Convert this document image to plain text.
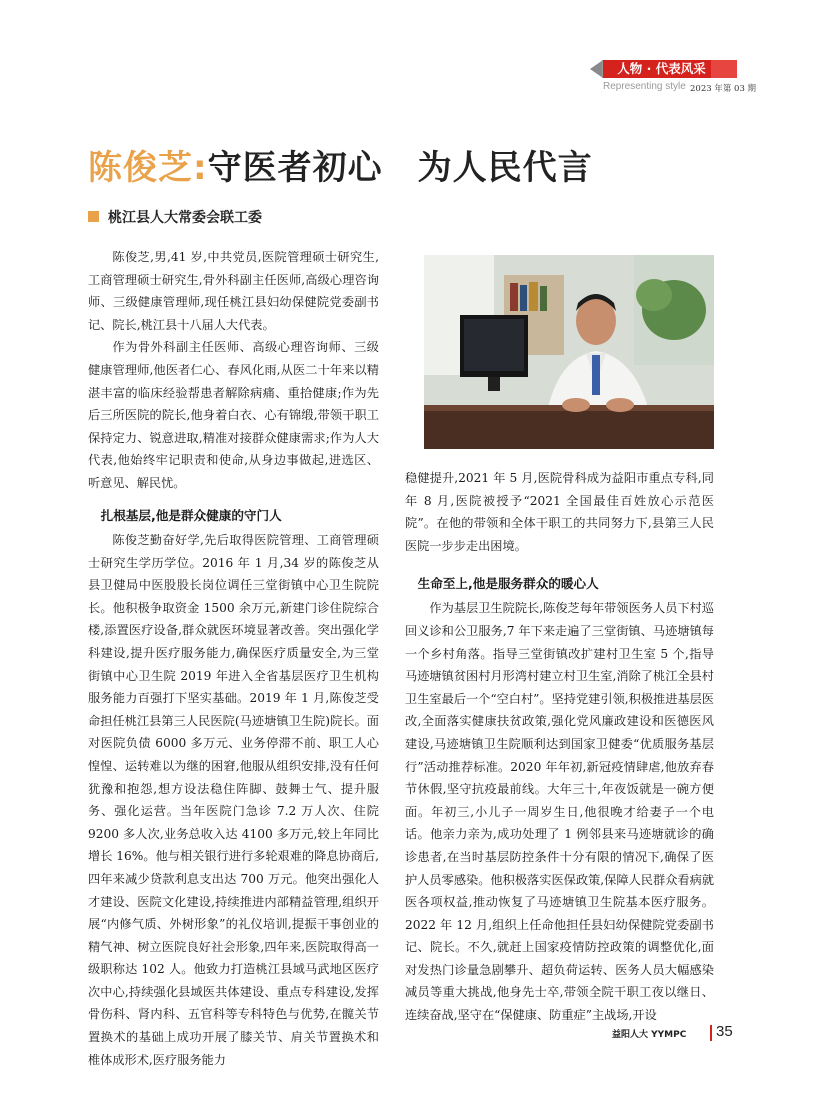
人物 · 代表风采
Representing style 2023 年第 03 期
陈俊芝:守医者初心　为人民代言
桃江县人大常委会联工委

陈俊芝,男,41 岁,中共党员,医院管理硕士研究生,工商管理硕士研究生,骨外科副主任医师,高级心理咨询师、三级健康管理师,现任桃江县妇幼保健院党委副书记、院长,桃江县十八届人大代表。

作为骨外科副主任医师、高级心理咨询师、三级健康管理师,他医者仁心、春风化雨,从医二十年来以精湛丰富的临床经验帮患者解除病痛、重拾健康;作为先后三所医院的院长,他身着白衣、心有锦缎,带领干职工保持定力、锐意进取,精准对接群众健康需求;作为人大代表,他始终牢记职责和使命,从身边事做起,进选区、听意见、解民忧。

扎根基层,他是群众健康的守门人

陈俊芝勤奋好学,先后取得医院管理、工商管理硕士研究生学历学位。2016 年 1 月,34 岁的陈俊芝从县卫健局中医股股长岗位调任三堂街镇中心卫生院院长。他积极争取资金 1500 余万元,新建门诊住院综合楼,添置医疗设备,群众就医环境显著改善。突出强化学科建设,提升医疗服务能力,确保医疗质量安全,为三堂街镇中心卫生院 2019 年进入全省基层医疗卫生机构服务能力百强打下坚实基础。2019 年 1 月,陈俊芝受命担任桃江县第三人民医院(马迹塘镇卫生院)院长。面对医院负债 6000 多万元、业务停滞不前、职工人心惶惶、运转难以为继的困窘,他服从组织安排,没有任何犹豫和抱怨,想方设法稳住阵脚、鼓舞士气、提升服务、强化运营。当年医院门急诊 7.2 万人次、住院 9200 多人次,业务总收入达 4100 多万元,较上年同比增长 16%。他与相关银行进行多轮艰难的降息协商后,四年来减少贷款利息支出达 700 万元。他突出强化人才建设、医院文化建设,持续推进内部精益管理,组织开展“内修气质、外树形象”的礼仪培训,提振干事创业的精气神、树立医院良好社会形象,四年来,医院取得高一级职称达 102 人。他致力打造桃江县域马武地区医疗次中心,持续强化县域医共体建设、重点专科建设,发挥骨伤科、肾内科、五官科等专科特色与优势,在髋关节置换术的基础上成功开展了膝关节、肩关节置换术和椎体成形术,医疗服务能力

稳健提升,2021 年 5 月,医院骨科成为益阳市重点专科,同年 8 月,医院被授予“2021 全国最佳百姓放心示范医院”。在他的带领和全体干职工的共同努力下,县第三人民医院一步步走出困境。

生命至上,他是服务群众的暖心人

作为基层卫生院院长,陈俊芝每年带领医务人员下村巡回义诊和公卫服务,7 年下来走遍了三堂街镇、马迹塘镇每一个乡村角落。指导三堂街镇改扩建村卫生室 5 个,指导马迹塘镇贫困村月形湾村建立村卫生室,消除了桃江全县村卫生室最后一个“空白村”。坚持党建引领,积极推进基层医改,全面落实健康扶贫政策,强化党风廉政建设和医德医风建设,马迹塘镇卫生院顺利达到国家卫健委“优质服务基层行”活动推荐标准。2020 年年初,新冠疫情肆虐,他放弃春节休假,坚守抗疫最前线。大年三十,年夜饭就是一碗方便面。年初三,小儿子一周岁生日,他很晚才给妻子一个电话。他亲力亲为,成功处理了 1 例邻县来马迹塘就诊的确诊患者,在当时基层防控条件十分有限的情况下,确保了医护人员零感染。他积极落实医保政策,保障人民群众看病就医各项权益,推动恢复了马迹塘镇卫生院基本医疗服务。2022 年 12 月,组织上任命他担任县妇幼保健院党委副书记、院长。不久,就赶上国家疫情防控政策的调整优化,面对发热门诊量急剧攀升、超负荷运转、医务人员大幅感染减员等重大挑战,他身先士卒,带领全院干职工夜以继日、连续奋战,坚守在“保健康、防重症”主战场,开设

益阳人大 YYMPC 35
